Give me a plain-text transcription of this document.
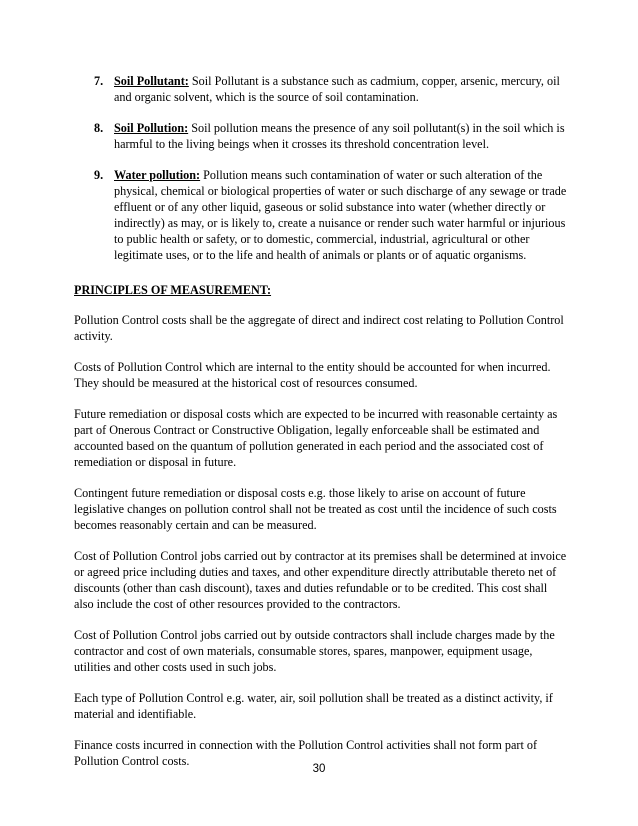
7. Soil Pollutant: Soil Pollutant is a substance such as cadmium, copper, arsenic, mercury, oil and organic solvent, which is the source of soil contamination.
8. Soil Pollution: Soil pollution means the presence of any soil pollutant(s) in the soil which is harmful to the living beings when it crosses its threshold concentration level.
9. Water pollution: Pollution means such contamination of water or such alteration of the physical, chemical or biological properties of water or such discharge of any sewage or trade effluent or of any other liquid, gaseous or solid substance into water (whether directly or indirectly) as may, or is likely to, create a nuisance or render such water harmful or injurious to public health or safety, or to domestic, commercial, industrial, agricultural or other legitimate uses, or to the life and health of animals or plants or of aquatic organisms.
PRINCIPLES OF MEASUREMENT:

Pollution Control costs shall be the aggregate of direct and indirect cost relating to Pollution Control activity.

Costs of Pollution Control which are internal to the entity should be accounted for when incurred. They should be measured at the historical cost of resources consumed.

Future remediation or disposal costs which are expected to be incurred with reasonable certainty as part of Onerous Contract or Constructive Obligation, legally enforceable shall be estimated and accounted based on the quantum of pollution generated in each period and the associated cost of remediation or disposal in future.

Contingent future remediation or disposal costs e.g. those likely to arise on account of future legislative changes on pollution control shall not be treated as cost until the incidence of such costs becomes reasonably certain and can be measured.

Cost of Pollution Control jobs carried out by contractor at its premises shall be determined at invoice or agreed price including duties and taxes, and other expenditure directly attributable thereto net of discounts (other than cash discount), taxes and duties refundable or to be credited. This cost shall also include the cost of other resources provided to the contractors.

Cost of Pollution Control jobs carried out by outside contractors shall include charges made by the contractor and cost of own materials, consumable stores, spares, manpower, equipment usage, utilities and other costs used in such jobs.

Each type of Pollution Control e.g. water, air, soil pollution shall be treated as a distinct activity, if material and identifiable.

Finance costs incurred in connection with the Pollution Control activities shall not form part of Pollution Control costs.

30
